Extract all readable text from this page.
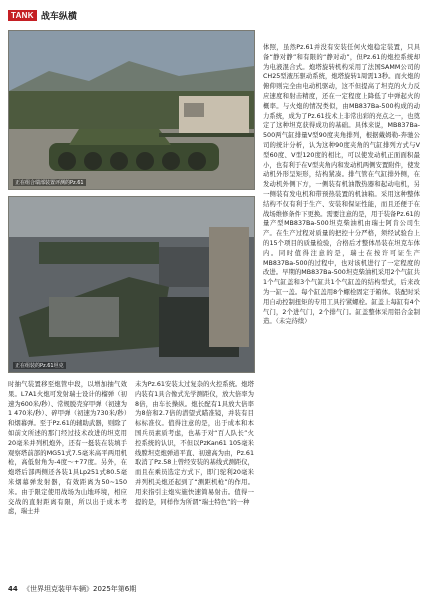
TANK 战车纵横
正在组合瑞部装置评测的Pz.61
正在组装的Pz.61坦克

体照，虽然Pz.61并没有安装任何火炮稳定装置，只具备“静对静”和有限的“静对动”，但Pz.61的炮控系统却为电液混合式。炮塔旋转机构采用了法国SAMM公司的CH25型液压驱动系统，炮塔旋转1周需13秒。而火炮的俯仰则完全由电动机驱动，这不但提高了坦克的火力反应速度和射击精度，还在一定程度上降低了中弹起火的概率。与火炮的情况类似，由MB837Ba-500构成的动力系统，成为了Pz.61技术上非常出彩的亮点之一，也奠定了这种坦克获得成功的基础。具体来说，MB837Ba-500两气缸排量V型90度夹角排列，根据戴姆勒-奔驰公司的统计分析，认为这种90度夹角的气缸排列方式与V型60度、V型120度的相比，可以使发动机正面面积最小，也有利于在V型夹角内和发动机两侧安置附件，使发动机外形呈矩形，结构紧凑。排气管在气缸排外侧，在发动机外侧下方，一侧装有机油散热器和起动电机，另一侧装有发电机和带预热装置的机油箱。采用这种整体结构不仅有利于生产、安装和保证性能，而且还便于在战场维修条件下更换。需要注意的是，用于装备Pz.61的量产型MB837Ba-500坦克柴油机由瑞士阿肯公司生产。在生产过程对质量的把控十分严格，须经试验台上的15个项目的质量检验，合格后才整体吊装在坦克车体内。同时值得注意的是，瑞士在按许可证生产MB837Ba-500的过程中，也对该机进行了一定程度的改进。早期的MB837Ba-500坦克柴油机采用2个气缸共1个气缸盖和3个气缸共1个气缸盖的结构型式，后来改为一缸一盖。每个缸盖用8个螺栓固定于箱体。装配时采用自动控制扭矩的专用工具拧紧螺栓。缸盖上每缸有4个气门，2个进气门，2个排气门。缸盖整体采用铝合金制造。（未完待续）

时抽气装置移至炮管中段，以增加抽气效果。L7A1火炮可发射瑞士设计的榴弹（初速为600米/秒）、常规脱壳穿甲弹（初速为1 470米/秒）、碎甲弹（初速为730米/秒）和烟幕弹。至于Pz.61的辅助武器，则除了如前文所述的那门经过技术改进的坦克用20毫米并列机炮外，还有一挺装在装填手观察塔前部的MG51式7.5毫米高平两用机枪，高低射角为-4度～+77度。另外，在炮塔后部两侧还各装1具Lp251式80.5毫米烟幕弹发射器，有效距离为50~150米。由于限定使用战场为山地环境，相应交战的直射距离有限，所以出于成本考虑，瑞士并

未为Pz.61安装太过复杂的火控系统。炮塔内装有1具合像式光学测距仪，放大倍率为8倍，由车长操纵。炮长配有1具放大倍率为8倍和2.7倍的潜望式瞄准镜，并装有目标标准仪。值得注意的是，出于成本和本国兵员素质考虑，也基于对“百人队长”火控系统的认识，不但以PzKan61 105毫米线膛坦克炮弹道平直、初速高为由，Pz.61取消了Pz.58上曾经安装的基线式测距仪，而且在乘员选定方式下，即门驼利20毫米并列机关炮还起到了“测距机枪”的作用。用来指引主炮实施快速简易射击。值得一提的是，同样作为所谓“瑞士特色”的一种

44 《世界坦克装甲车辆》2025年第6期
